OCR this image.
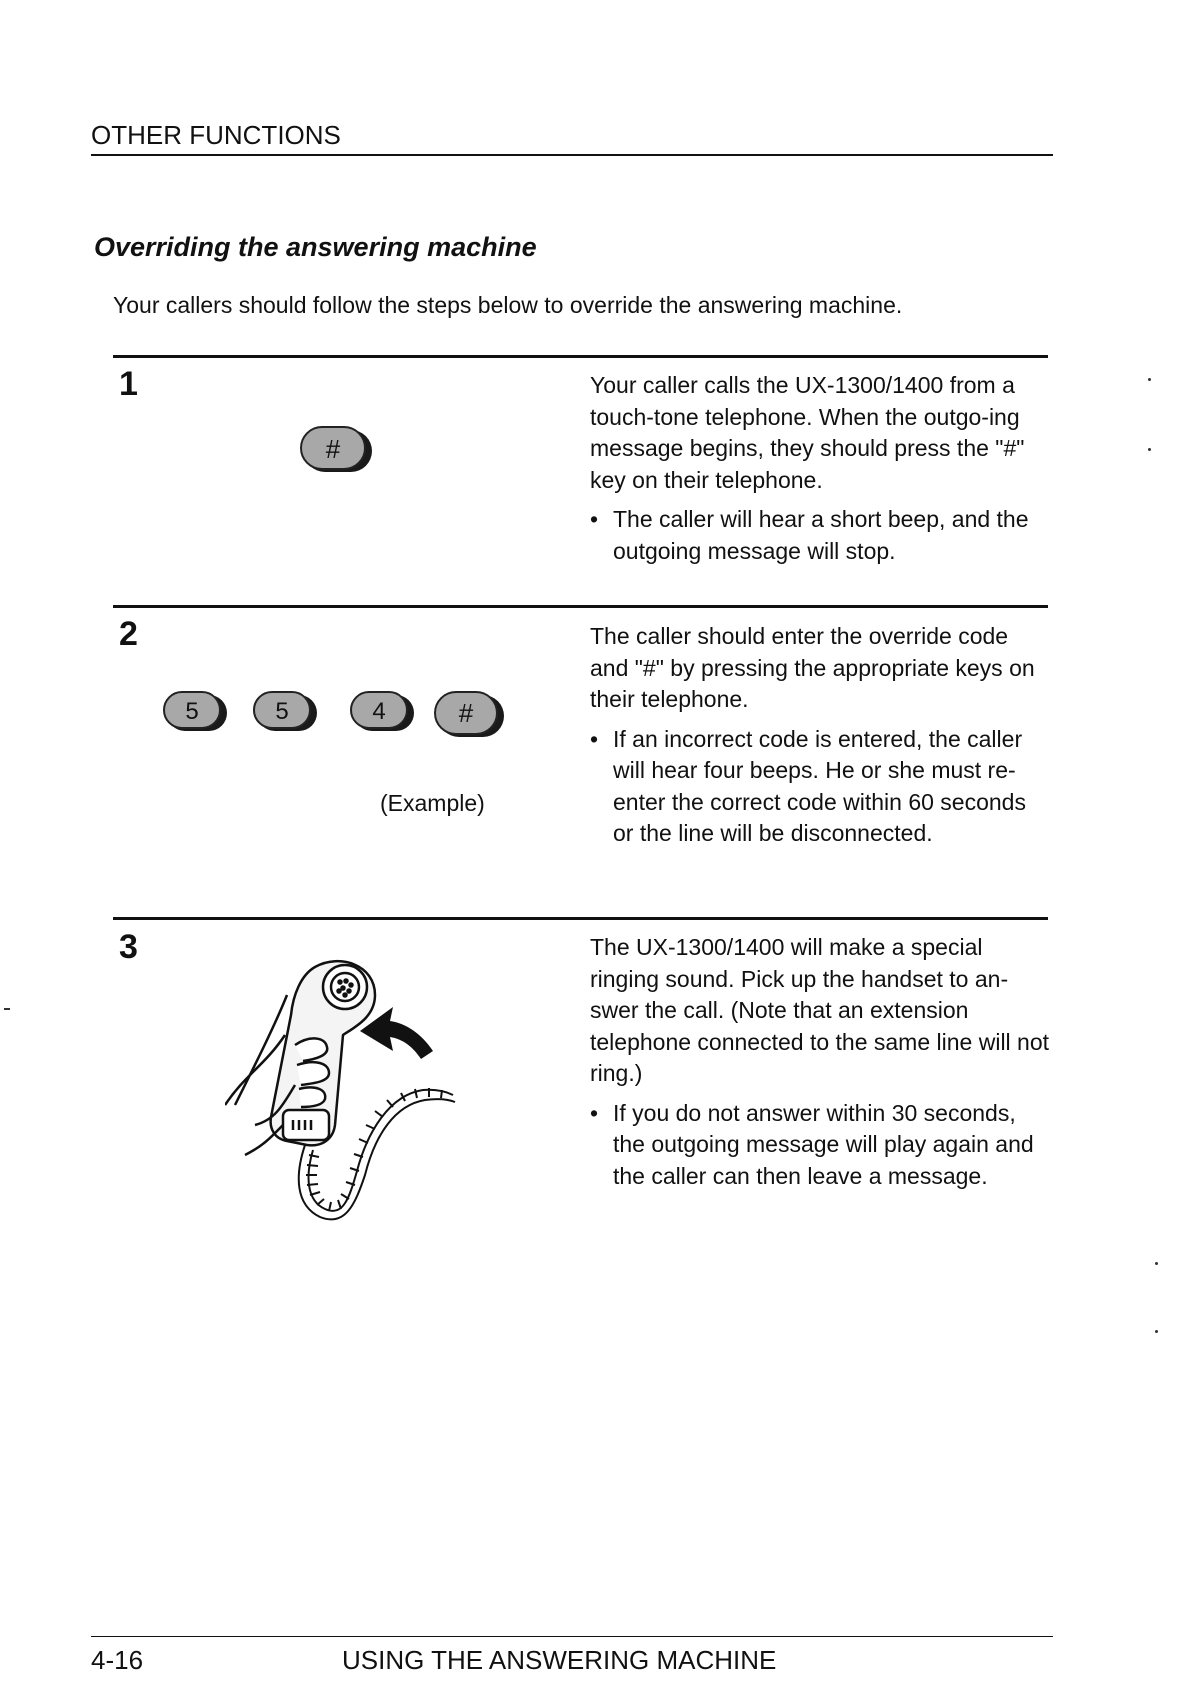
OTHER FUNCTIONS
Overriding the answering machine
Your callers should follow the steps below to override the answering machine.
1
#

Your caller calls the UX-1300/1400 from a touch-tone telephone. When the outgo-ing message begins, they should press the "#" key on their telephone.

• The caller will hear a short beep, and the outgoing message will stop.

2
5	5	4	#
(Example)

The caller should enter the override code and "#" by pressing the appropriate keys on their telephone.

• If an incorrect code is entered, the caller will hear four beeps. He or she must re-enter the correct code within 60 seconds or the line will be disconnected.

3	The UX-1300/1400 will make a special ringing sound. Pick up the handset to an-swer the call. (Note that an extension telephone connected to the same line will not ring.)

• If you do not answer within 30 seconds, the outgoing message will play again and the caller can then leave a message.

4-16	USING THE ANSWERING MACHINE
